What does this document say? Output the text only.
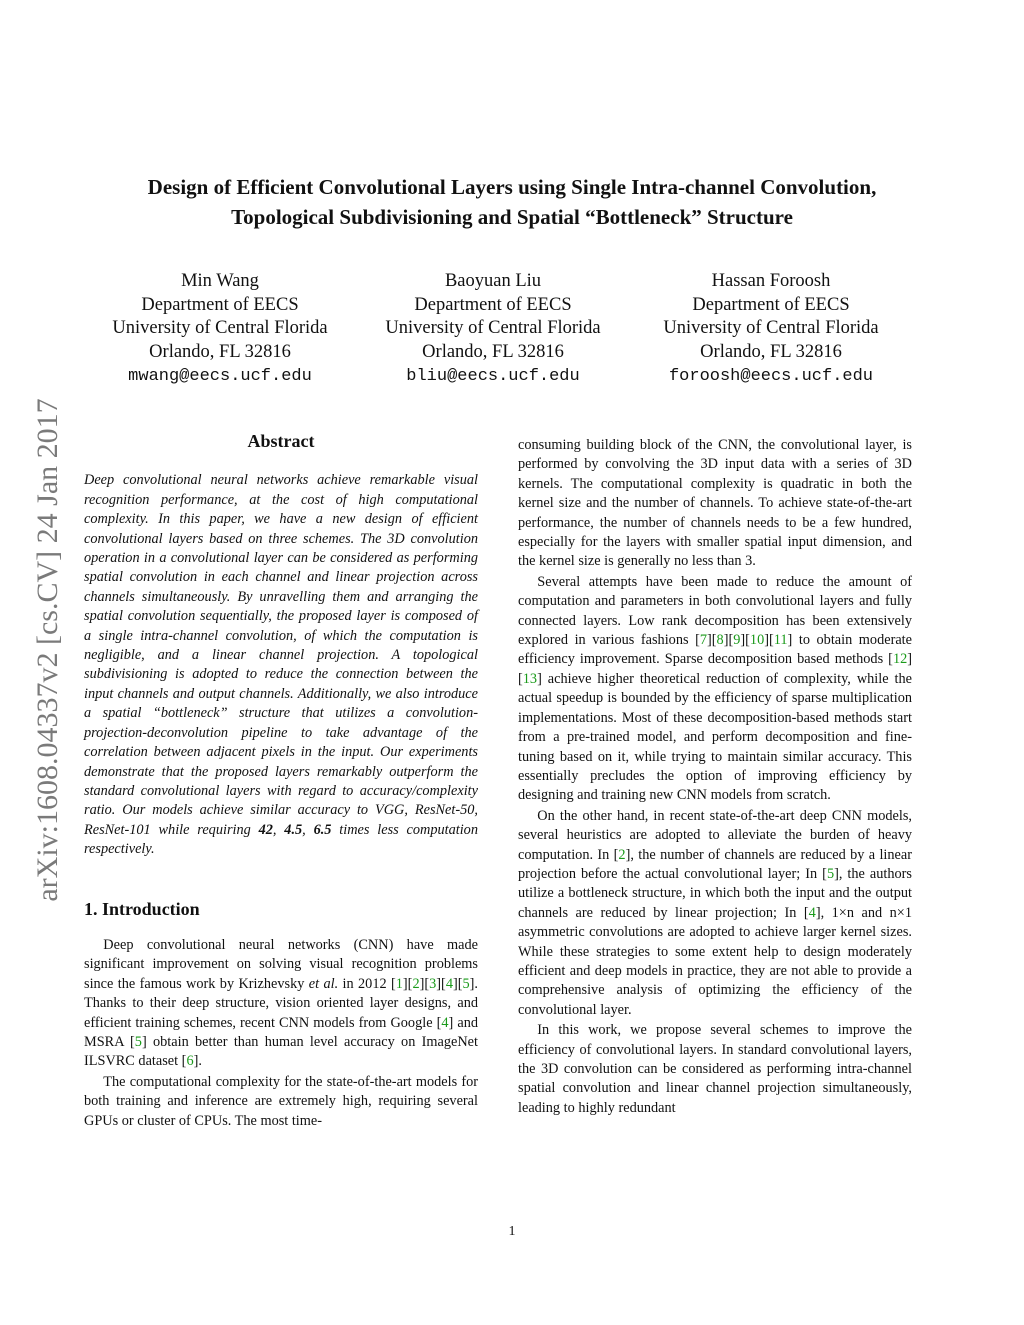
arXiv:1608.04337v2 [cs.CV] 24 Jan 2017
Design of Efficient Convolutional Layers using Single Intra-channel Convolution,
Topological Subdivisioning and Spatial “Bottleneck” Structure
Min Wang
Department of EECS
University of Central Florida
Orlando, FL 32816
mwang@eecs.ucf.edu
Baoyuan Liu
Department of EECS
University of Central Florida
Orlando, FL 32816
bliu@eecs.ucf.edu
Hassan Foroosh
Department of EECS
University of Central Florida
Orlando, FL 32816
foroosh@eecs.ucf.edu
Abstract

Deep convolutional neural networks achieve remarkable visual recognition performance, at the cost of high computational complexity. In this paper, we have a new design of efficient convolutional layers based on three schemes. The 3D convolution operation in a convolutional layer can be considered as performing spatial convolution in each channel and linear projection across channels simultaneously. By unravelling them and arranging the spatial convolution sequentially, the proposed layer is composed of a single intra-channel convolution, of which the computation is negligible, and a linear channel projection. A topological subdivisioning is adopted to reduce the connection between the input channels and output channels. Additionally, we also introduce a spatial “bottleneck” structure that utilizes a convolution-projection-deconvolution pipeline to take advantage of the correlation between adjacent pixels in the input. Our experiments demonstrate that the proposed layers remarkably outperform the standard convolutional layers with regard to accuracy/complexity ratio. Our models achieve similar accuracy to VGG, ResNet-50, ResNet-101 while requiring 42, 4.5, 6.5 times less computation respectively.

1. Introduction

Deep convolutional neural networks (CNN) have made significant improvement on solving visual recognition problems since the famous work by Krizhevsky et al. in 2012 [1][2][3][4][5]. Thanks to their deep structure, vision oriented layer designs, and efficient training schemes, recent CNN models from Google [4] and MSRA [5] obtain better than human level accuracy on ImageNet ILSVRC dataset [6].

The computational complexity for the state-of-the-art models for both training and inference are extremely high, requiring several GPUs or cluster of CPUs. The most time-

consuming building block of the CNN, the convolutional layer, is performed by convolving the 3D input data with a series of 3D kernels. The computational complexity is quadratic in both the kernel size and the number of channels. To achieve state-of-the-art performance, the number of channels needs to be a few hundred, especially for the layers with smaller spatial input dimension, and the kernel size is generally no less than 3.

Several attempts have been made to reduce the amount of computation and parameters in both convolutional layers and fully connected layers. Low rank decomposition has been extensively explored in various fashions [7][8][9][10][11] to obtain moderate efficiency improvement. Sparse decomposition based methods [12][13] achieve higher theoretical reduction of complexity, while the actual speedup is bounded by the efficiency of sparse multiplication implementations. Most of these decomposition-based methods start from a pre-trained model, and perform decomposition and fine-tuning based on it, while trying to maintain similar accuracy. This essentially precludes the option of improving efficiency by designing and training new CNN models from scratch.

On the other hand, in recent state-of-the-art deep CNN models, several heuristics are adopted to alleviate the burden of heavy computation. In [2], the number of channels are reduced by a linear projection before the actual convolutional layer; In [5], the authors utilize a bottleneck structure, in which both the input and the output channels are reduced by linear projection; In [4], 1×n and n×1 asymmetric convolutions are adopted to achieve larger kernel sizes. While these strategies to some extent help to design moderately efficient and deep models in practice, they are not able to provide a comprehensive analysis of optimizing the efficiency of the convolutional layer.

In this work, we propose several schemes to improve the efficiency of convolutional layers. In standard convolutional layers, the 3D convolution can be considered as performing intra-channel spatial convolution and linear channel projection simultaneously, leading to highly redundant

1
